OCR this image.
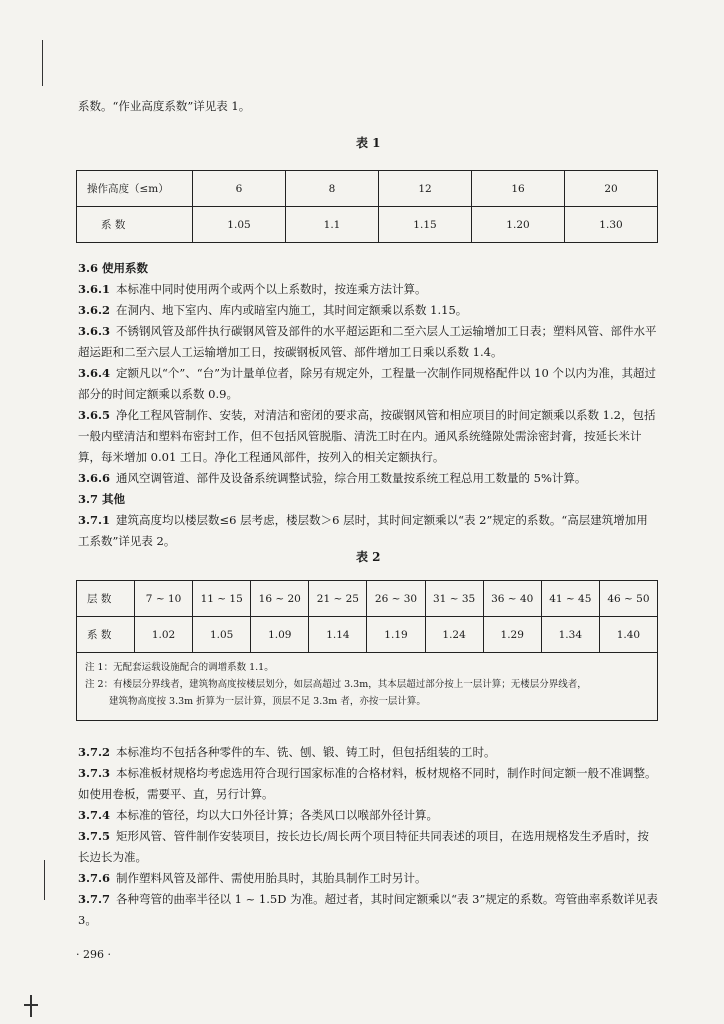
系数。“作业高度系数”详见表 1。
表 1
操作高度（≤m）	6	8	12	16	20
系 数	1.05	1.1	1.15	1.20	1.30
3.6 使用系数
3.6.1 本标准中同时使用两个或两个以上系数时，按连乘方法计算。
3.6.2 在洞内、地下室内、库内或暗室内施工，其时间定额乘以系数 1.15。
3.6.3 不锈钢风管及部件执行碳钢风管及部件的水平超运距和二至六层人工运输增加工日表；塑料风管、部件水平超运距和二至六层人工运输增加工日，按碳钢板风管、部件增加工日乘以系数 1.4。
3.6.4 定额凡以“个”、“台”为计量单位者，除另有规定外，工程量一次制作同规格配件以 10 个以内为准，其超过部分的时间定额乘以系数 0.9。
3.6.5 净化工程风管制作、安装，对清洁和密闭的要求高，按碳钢风管和相应项目的时间定额乘以系数 1.2，包括一般内壁清洁和塑料布密封工作，但不包括风管脱脂、清洗工时在内。通风系统缝隙处需涂密封膏，按延长米计算，每米增加 0.01 工日。净化工程通风部件，按列入的相关定额执行。
3.6.6 通风空调管道、部件及设备系统调整试验，综合用工数量按系统工程总用工数量的 5%计算。
3.7 其他
3.7.1 建筑高度均以楼层数≤6 层考虑，楼层数＞6 层时，其时间定额乘以“表 2”规定的系数。“高层建筑增加用工系数”详见表 2。
表 2
层 数	7 ~ 10	11 ~ 15	16 ~ 20	21 ~ 25	26 ~ 30	31 ~ 35	36 ~ 40	41 ~ 45	46 ~ 50
系 数	1.02	1.05	1.09	1.14	1.19	1.24	1.29	1.34	1.40
注 1：无配套运载设施配合的调增系数 1.1。
注 2：有楼层分界线者，建筑物高度按楼层划分，如层高超过 3.3m，其本层超过部分按上一层计算；无楼层分界线者，
建筑物高度按 3.3m 折算为一层计算，顶层不足 3.3m 者，亦按一层计算。
3.7.2 本标准均不包括各种零件的车、铣、刨、锻、铸工时，但包括组装的工时。
3.7.3 本标准板材规格均考虑选用符合现行国家标准的合格材料，板材规格不同时，制作时间定额一般不准调整。如使用卷板，需要平、直，另行计算。
3.7.4 本标准的管径，均以大口外径计算；各类风口以喉部外径计算。
3.7.5 矩形风管、管件制作安装项目，按长边长/周长两个项目特征共同表述的项目，在选用规格发生矛盾时，按长边长为准。
3.7.6 制作塑料风管及部件、需使用胎具时，其胎具制作工时另计。
3.7.7 各种弯管的曲率半径以 1 ~ 1.5D 为准。超过者，其时间定额乘以“表 3”规定的系数。弯管曲率系数详见表 3。
· 296 ·
